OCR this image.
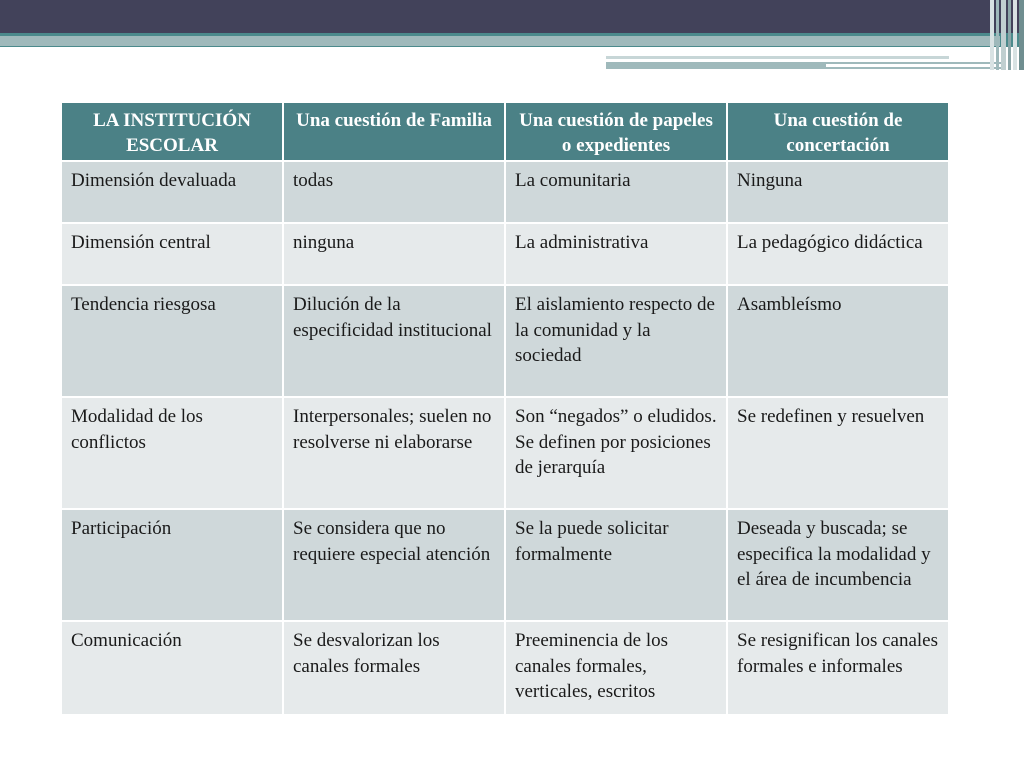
LA INSTITUCIÓN ESCOLAR	Una cuestión de Familia	Una cuestión de papeles o expedientes	Una cuestión de concertación
Dimensión devaluada	todas	La comunitaria	Ninguna
Dimensión central	ninguna	La administrativa	La pedagógico didáctica
Tendencia riesgosa	Dilución de la especificidad institucional	El aislamiento respecto de la comunidad y la sociedad	Asambleísmo
Modalidad de los conflictos	Interpersonales; suelen no resolverse ni elaborarse	Son “negados” o eludidos. Se definen por posiciones de jerarquía	Se redefinen y resuelven
Participación	Se considera que no requiere especial atención	Se la puede solicitar formalmente	Deseada y buscada; se especifica la modalidad y el área de incumbencia
Comunicación	Se desvalorizan los canales formales	Preeminencia de los canales formales, verticales, escritos	Se resignifican los canales formales e informales
